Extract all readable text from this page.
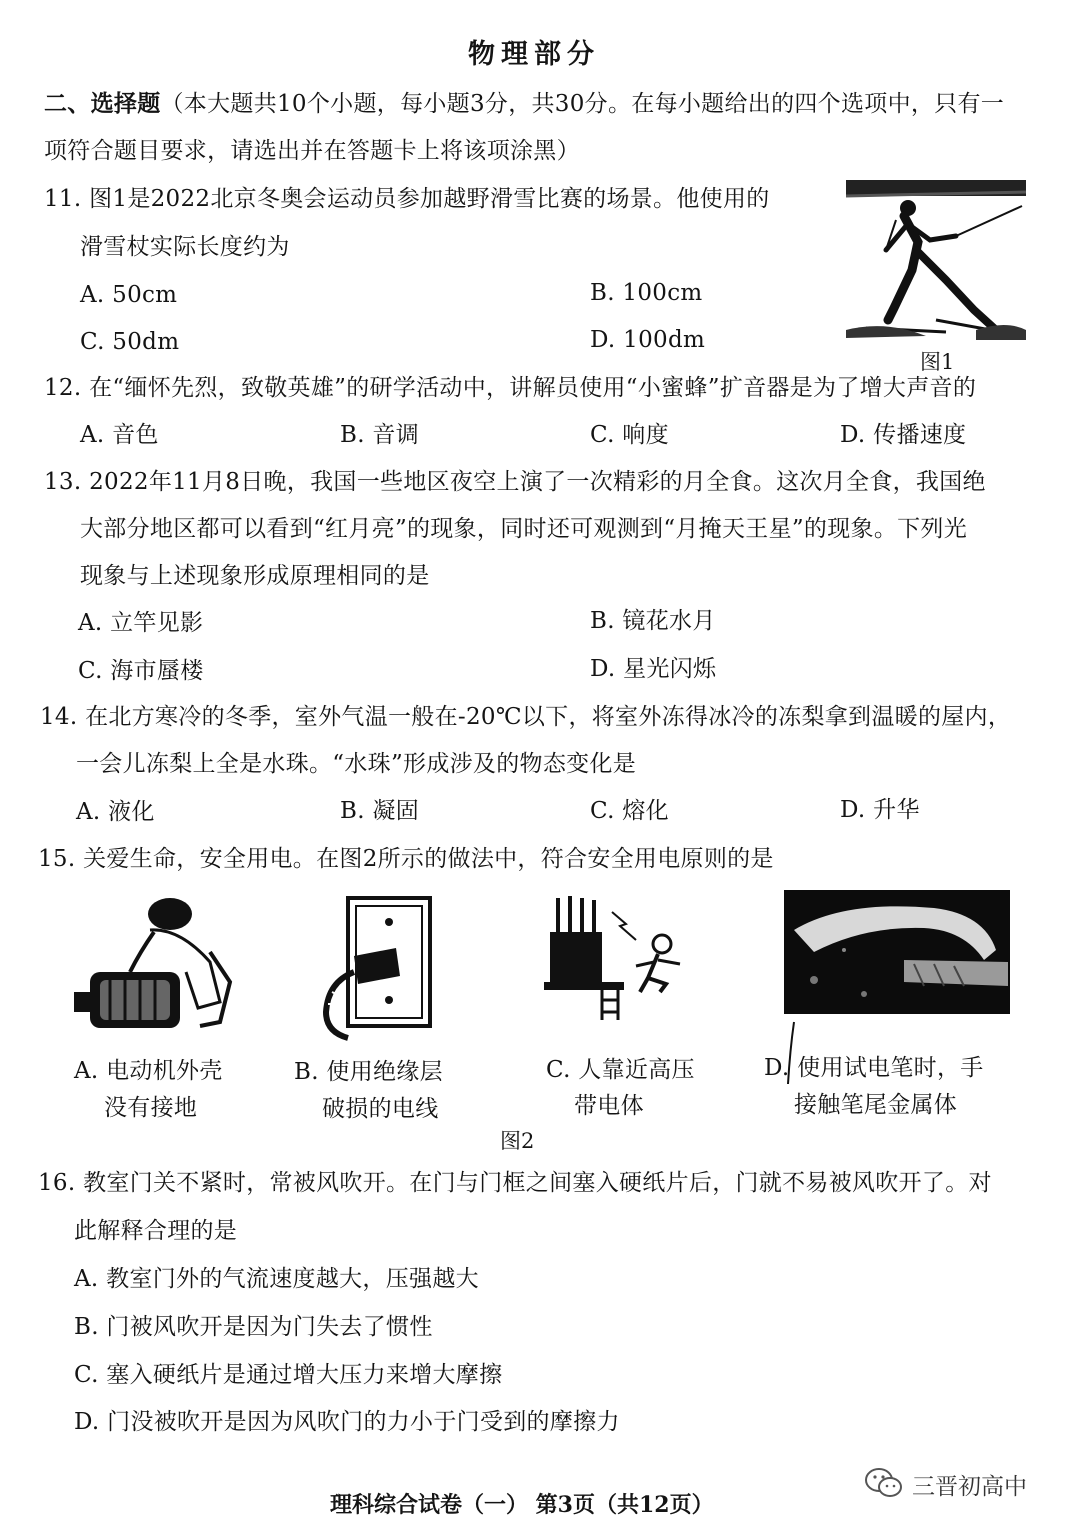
物理部分
二、选择题（本大题共10个小题，每小题3分，共30分。在每小题给出的四个选项中，只有一
项符合题目要求，请选出并在答题卡上将该项涂黑）
11. 图1是2022北京冬奥会运动员参加越野滑雪比赛的场景。他使用的
滑雪杖实际长度约为
A. 50cm	B. 100cm
C. 50dm	D. 100dm
图1
12. 在“缅怀先烈，致敬英雄”的研学活动中，讲解员使用“小蜜蜂”扩音器是为了增大声音的
A. 音色	B. 音调	C. 响度	D. 传播速度
13. 2022年11月8日晚，我国一些地区夜空上演了一次精彩的月全食。这次月全食，我国绝
大部分地区都可以看到“红月亮”的现象，同时还可观测到“月掩天王星”的现象。下列光
现象与上述现象形成原理相同的是
A. 立竿见影	B. 镜花水月
C. 海市蜃楼	D. 星光闪烁
14. 在北方寒冷的冬季，室外气温一般在-20℃以下，将室外冻得冰冷的冻梨拿到温暖的屋内，
一会儿冻梨上全是水珠。“水珠”形成涉及的物态变化是
A. 液化	B. 凝固	C. 熔化	D. 升华
15. 关爱生命，安全用电。在图2所示的做法中，符合安全用电原则的是
A. 电动机外壳
没有接地
B. 使用绝缘层
破损的电线
C. 人靠近高压
带电体
D. 使用试电笔时，手
接触笔尾金属体
图2
16. 教室门关不紧时，常被风吹开。在门与门框之间塞入硬纸片后，门就不易被风吹开了。对
此解释合理的是
A. 教室门外的气流速度越大，压强越大
B. 门被风吹开是因为门失去了惯性
C. 塞入硬纸片是通过增大压力来增大摩擦
D. 门没被吹开是因为风吹门的力小于门受到的摩擦力
理科综合试卷（一） 第3页（共12页）
三晋初高中
